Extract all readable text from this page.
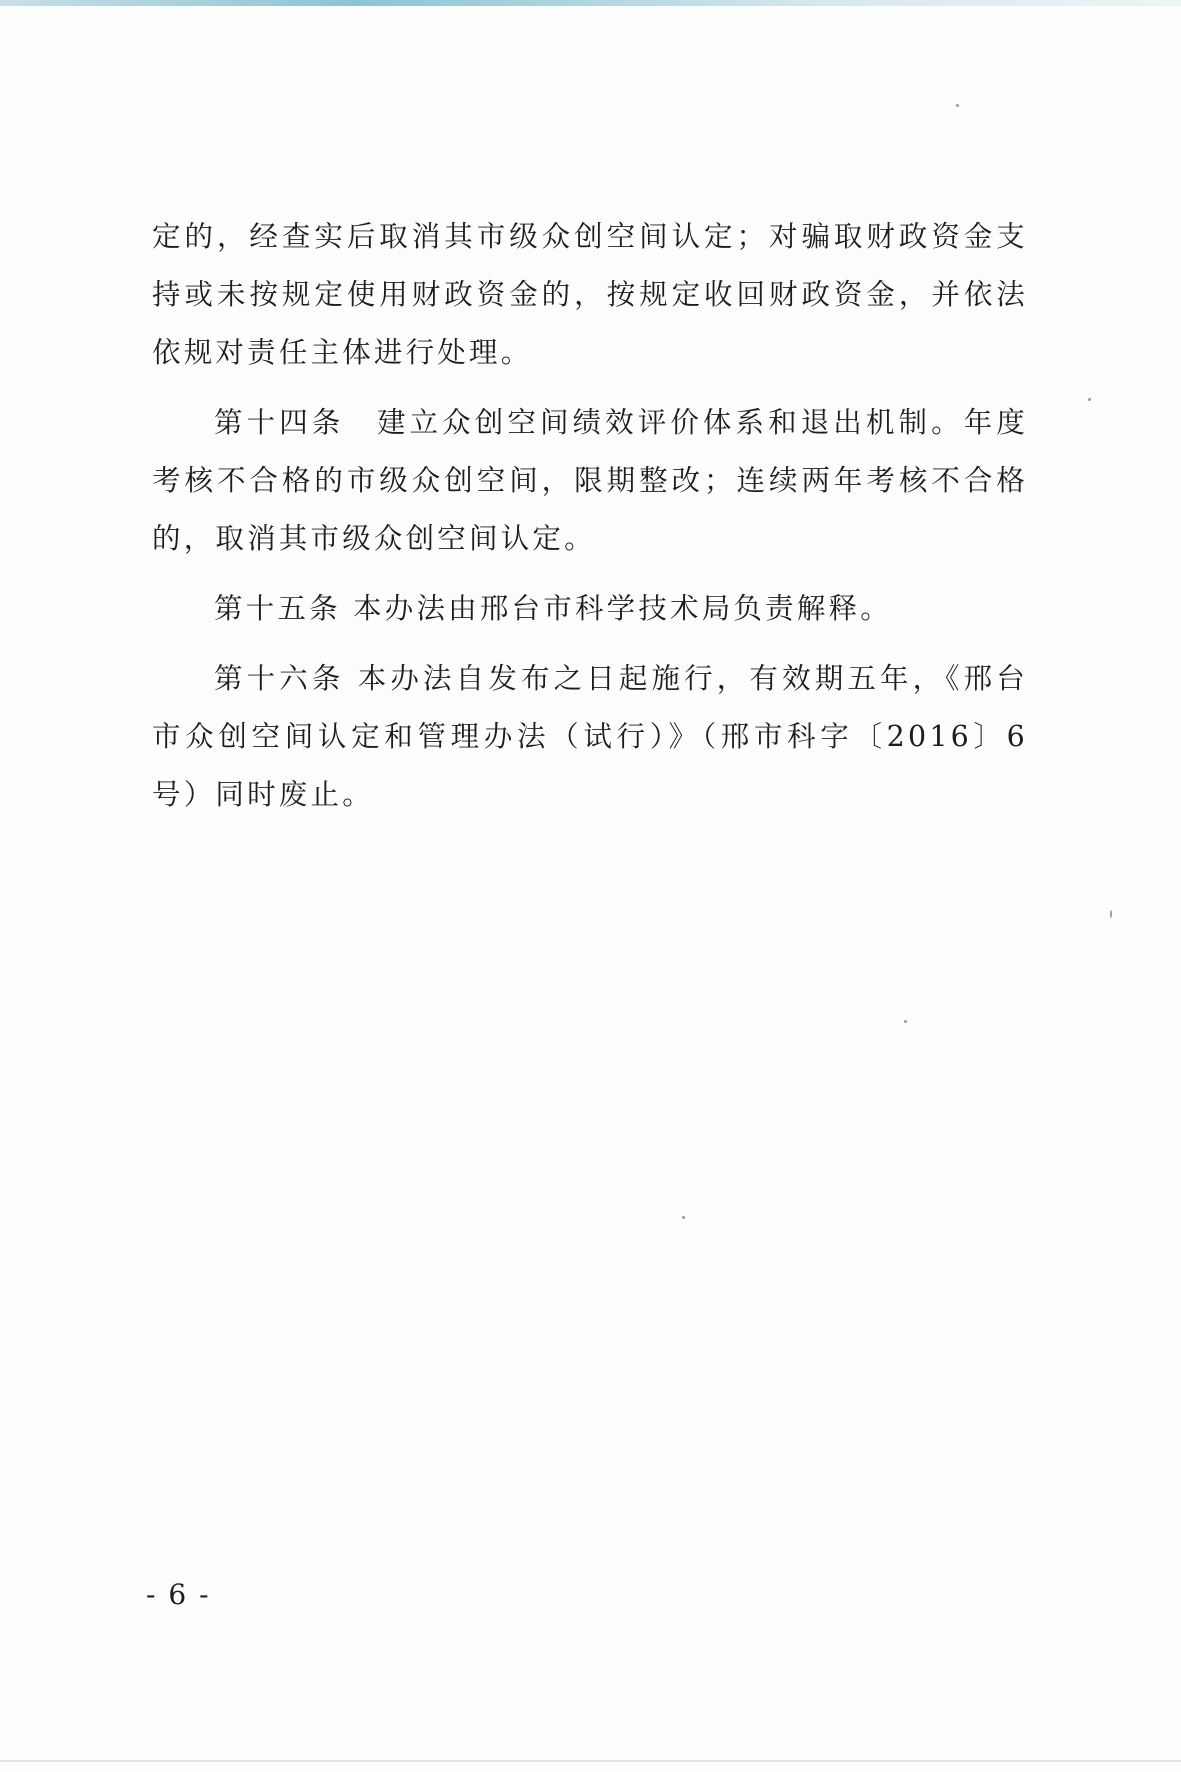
定的，经查实后取消其市级众创空间认定；对骗取财政资金支持或未按规定使用财政资金的，按规定收回财政资金，并依法依规对责任主体进行处理。

第十四条　建立众创空间绩效评价体系和退出机制。年度考核不合格的市级众创空间，限期整改；连续两年考核不合格的，取消其市级众创空间认定。

第十五条 本办法由邢台市科学技术局负责解释。

第十六条 本办法自发布之日起施行，有效期五年，《邢台市众创空间认定和管理办法（试行）》（邢市科字〔2016〕6号）同时废止。

- 6 -
